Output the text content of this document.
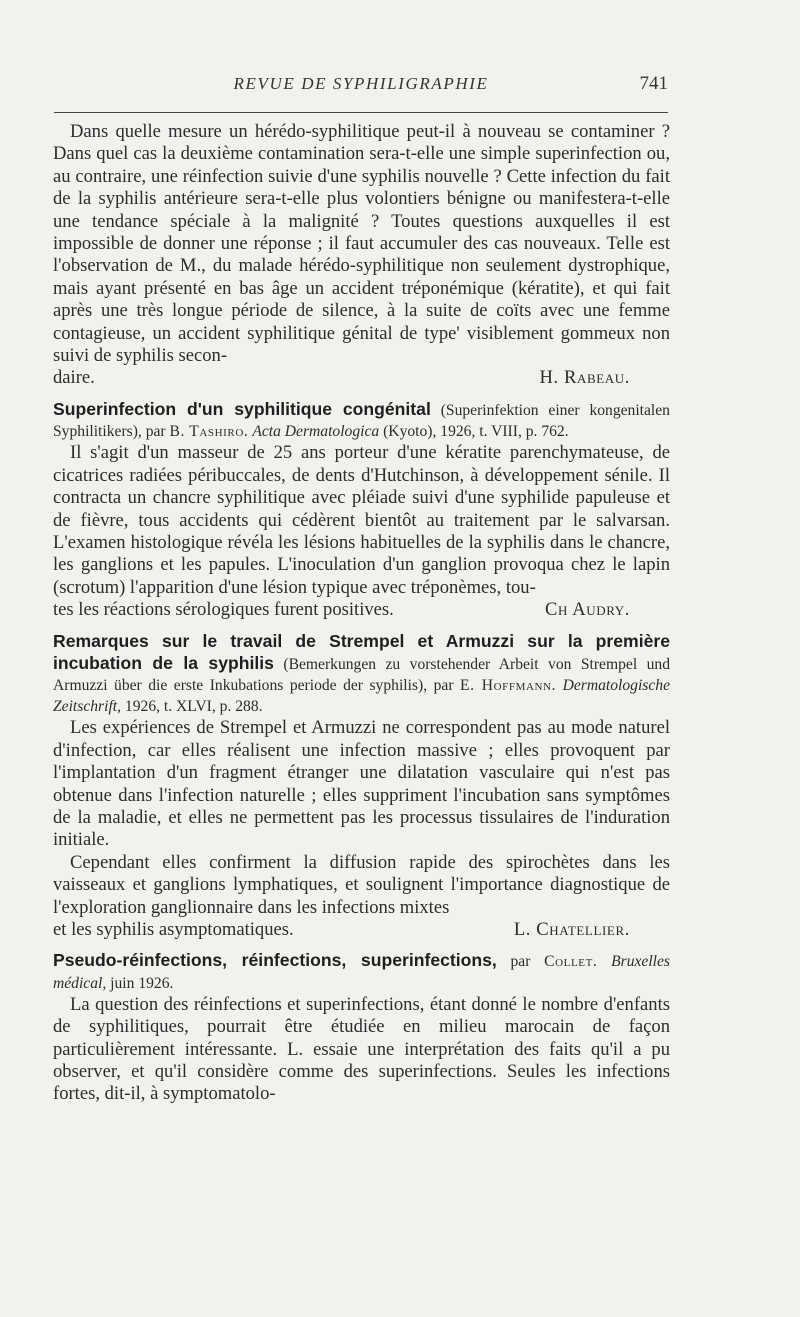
REVUE DE SYPHILIGRAPHIE	741

Dans quelle mesure un hérédo-syphilitique peut-il à nouveau se contaminer ? Dans quel cas la deuxième contamination sera-t-elle une simple superinfection ou, au contraire, une réinfection suivie d'une syphilis nouvelle ? Cette infection du fait de la syphilis antérieure sera-t-elle plus volontiers bénigne ou manifestera-t-elle une tendance spéciale à la malignité ? Toutes questions auxquelles il est impossible de donner une réponse ; il faut accumuler des cas nouveaux. Telle est l'observation de M., du malade hérédo-syphilitique non seulement dystrophique, mais ayant présenté en bas âge un accident tréponémique (kératite), et qui fait après une très longue période de silence, à la suite de coïts avec une femme contagieuse, un accident syphilitique génital de type' visiblement gommeux non suivi de syphilis secon-

daire.	H. Rabeau.

Superinfection d'un syphilitique congénital (Superinfektion einer kongenitalen Syphilitikers), par B. Tashiro. Acta Dermatologica (Kyoto), 1926, t. VIII, p. 762.

Il s'agit d'un masseur de 25 ans porteur d'une kératite parenchymateuse, de cicatrices radiées péribuccales, de dents d'Hutchinson, à développement sénile. Il contracta un chancre syphilitique avec pléiade suivi d'une syphilide papuleuse et de fièvre, tous accidents qui cédèrent bientôt au traitement par le salvarsan. L'examen histologique révéla les lésions habituelles de la syphilis dans le chancre, les ganglions et les papules. L'inoculation d'un ganglion provoqua chez le lapin (scrotum) l'apparition d'une lésion typique avec tréponèmes, tou-

tes les réactions sérologiques furent positives.	Ch Audry.

Remarques sur le travail de Strempel et Armuzzi sur la première incubation de la syphilis (Bemerkungen zu vorstehender Arbeit von Strempel und Armuzzi über die erste Inkubations periode der syphilis), par E. Hoffmann. Dermatologische Zeitschrift, 1926, t. XLVI, p. 288.

Les expériences de Strempel et Armuzzi ne correspondent pas au mode naturel d'infection, car elles réalisent une infection massive ; elles provoquent par l'implantation d'un fragment étranger une dilatation vasculaire qui n'est pas obtenue dans l'infection naturelle ; elles suppriment l'incubation sans symptômes de la maladie, et elles ne permettent pas les processus tissulaires de l'induration initiale.

Cependant elles confirment la diffusion rapide des spirochètes dans les vaisseaux et ganglions lymphatiques, et soulignent l'importance diagnostique de l'exploration ganglionnaire dans les infections mixtes

et les syphilis asymptomatiques.	L. Chatellier.

Pseudo-réinfections, réinfections, superinfections, par Collet. Bruxelles médical, juin 1926.

La question des réinfections et superinfections, étant donné le nombre d'enfants de syphilitiques, pourrait être étudiée en milieu marocain de façon particulièrement intéressante. L. essaie une interprétation des faits qu'il a pu observer, et qu'il considère comme des superinfections. Seules les infections fortes, dit-il, à symptomatolo-
